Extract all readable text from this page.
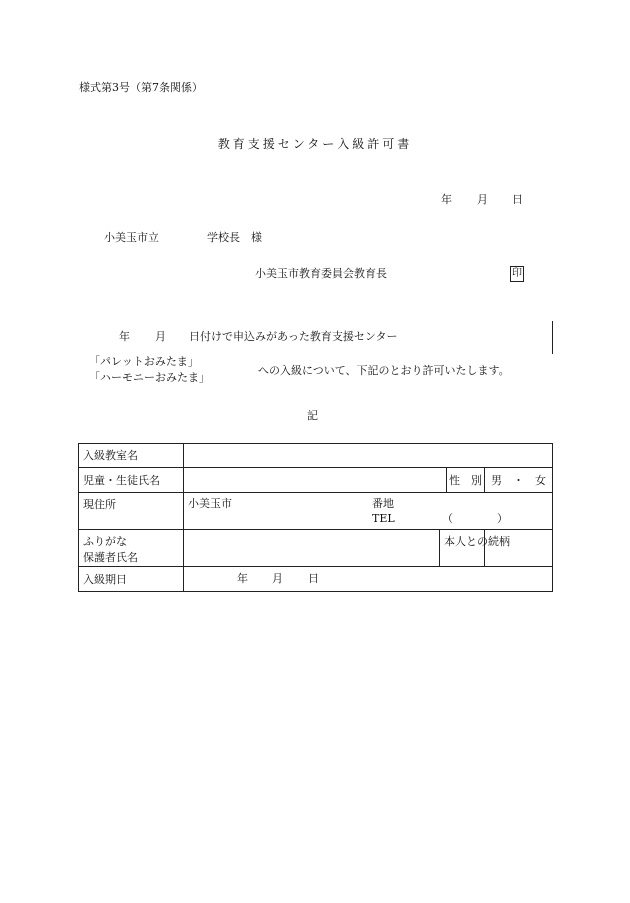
様式第3号（第7条関係）
教育支援センター入級許可書
年 月 日
小美玉市立	学校長　様
小美玉市教育委員会教育長	印
年 月 日付けで申込みがあった教育支援センター
「パレットおみたま」
「ハーモニーおみたま」
への入級について、下記のとおり許可いたします。
記
入級教室名				
児童・生徒氏名			性　別	男　・　女
現住所	小美玉市 番地
TEL （　　　　）			

ふりがな
保護者氏名		本人との続柄		
入級期日	年 月 日			
